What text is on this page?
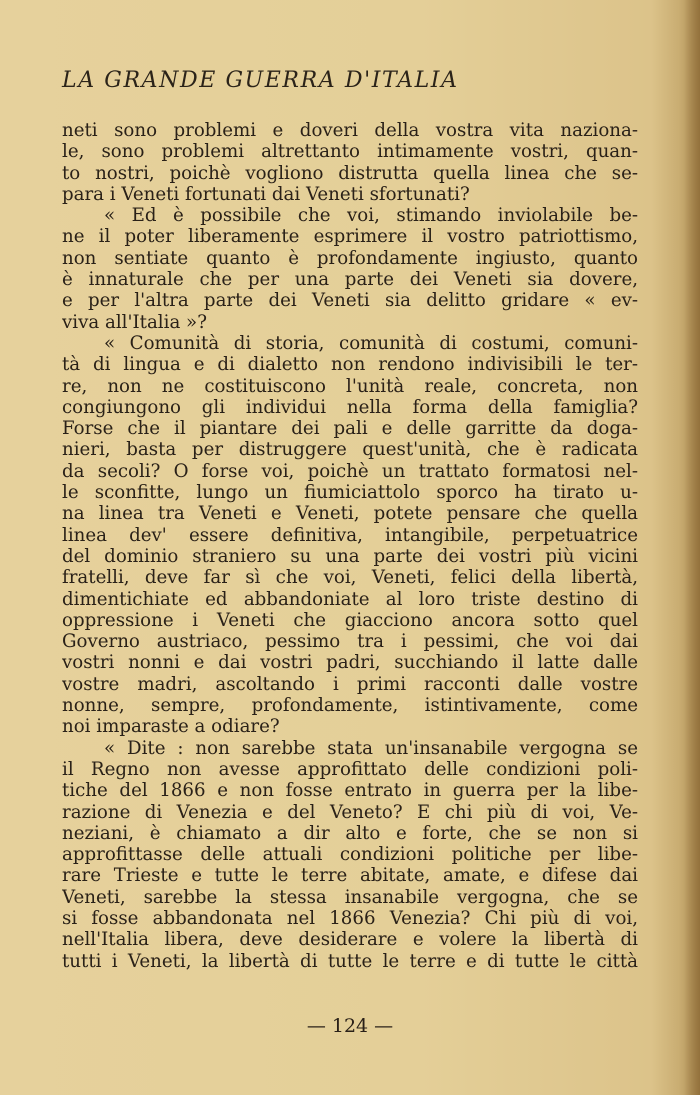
LA GRANDE GUERRA D'ITALIA
neti sono problemi e doveri della vostra vita naziona-
le, sono problemi altrettanto intimamente vostri, quan-
to nostri, poichè vogliono distrutta quella linea che se-
para i Veneti fortunati dai Veneti sfortunati?
« Ed è possibile che voi, stimando inviolabile be-
ne il poter liberamente esprimere il vostro patriottismo,
non sentiate quanto è profondamente ingiusto, quanto
è innaturale che per una parte dei Veneti sia dovere,
e per l'altra parte dei Veneti sia delitto gridare « ev-
viva all'Italia »?
« Comunità di storia, comunità di costumi, comuni-
tà di lingua e di dialetto non rendono indivisibili le ter-
re, non ne costituiscono l'unità reale, concreta, non
congiungono gli individui nella forma della famiglia?
Forse che il piantare dei pali e delle garritte da doga-
nieri, basta per distruggere quest'unità, che è radicata
da secoli? O forse voi, poichè un trattato formatosi nel-
le sconfitte, lungo un fiumiciattolo sporco ha tirato u-
na linea tra Veneti e Veneti, potete pensare che quella
linea dev' essere definitiva, intangibile, perpetuatrice
del dominio straniero su una parte dei vostri più vicini
fratelli, deve far sì che voi, Veneti, felici della libertà,
dimentichiate ed abbandoniate al loro triste destino di
oppressione i Veneti che giacciono ancora sotto quel
Governo austriaco, pessimo tra i pessimi, che voi dai
vostri nonni e dai vostri padri, succhiando il latte dalle
vostre madri, ascoltando i primi racconti dalle vostre
nonne, sempre, profondamente, istintivamente, come
noi imparaste a odiare?
« Dite : non sarebbe stata un'insanabile vergogna se
il Regno non avesse approfittato delle condizioni poli-
tiche del 1866 e non fosse entrato in guerra per la libe-
razione di Venezia e del Veneto? E chi più di voi, Ve-
neziani, è chiamato a dir alto e forte, che se non si
approfittasse delle attuali condizioni politiche per libe-
rare Trieste e tutte le terre abitate, amate, e difese dai
Veneti, sarebbe la stessa insanabile vergogna, che se
si fosse abbandonata nel 1866 Venezia? Chi più di voi,
nell'Italia libera, deve desiderare e volere la libertà di
tutti i Veneti, la libertà di tutte le terre e di tutte le città
— 124 —
